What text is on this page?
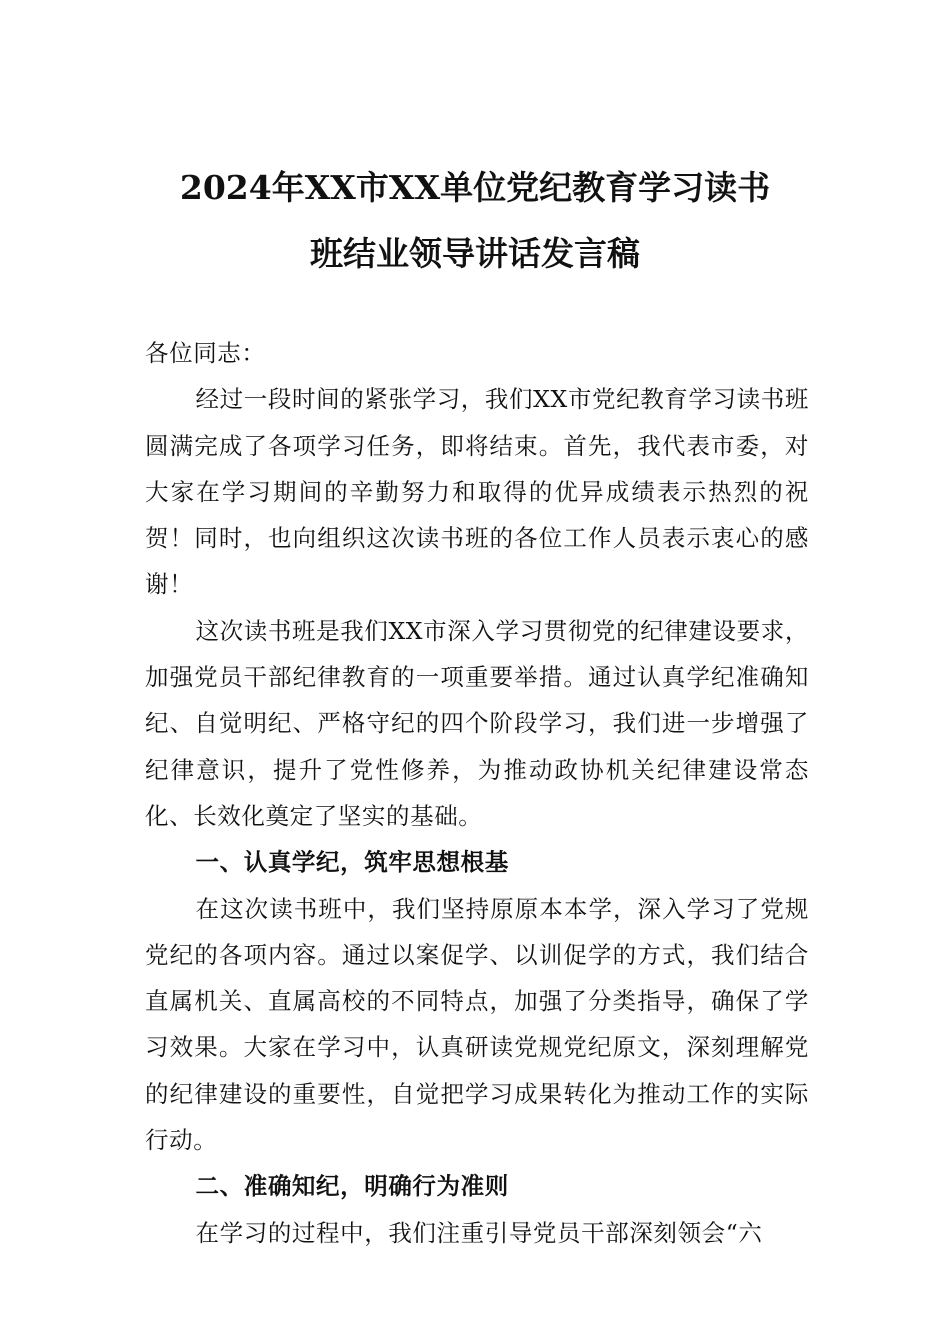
2024年XX市XX单位党纪教育学习读书
班结业领导讲话发言稿

各位同志：

经过一段时间的紧张学习，我们XX市党纪教育学习读书班圆满完成了各项学习任务，即将结束。首先，我代表市委，对大家在学习期间的辛勤努力和取得的优异成绩表示热烈的祝贺！同时，也向组织这次读书班的各位工作人员表示衷心的感谢！

这次读书班是我们XX市深入学习贯彻党的纪律建设要求，加强党员干部纪律教育的一项重要举措。通过认真学纪准确知纪、自觉明纪、严格守纪的四个阶段学习，我们进一步增强了纪律意识，提升了党性修养，为推动政协机关纪律建设常态化、长效化奠定了坚实的基础。

一、认真学纪，筑牢思想根基

在这次读书班中，我们坚持原原本本学，深入学习了党规党纪的各项内容。通过以案促学、以训促学的方式，我们结合直属机关、直属高校的不同特点，加强了分类指导，确保了学习效果。大家在学习中，认真研读党规党纪原文，深刻理解党的纪律建设的重要性，自觉把学习成果转化为推动工作的实际行动。

二、准确知纪，明确行为准则

在学习的过程中，我们注重引导党员干部深刻领会“六
